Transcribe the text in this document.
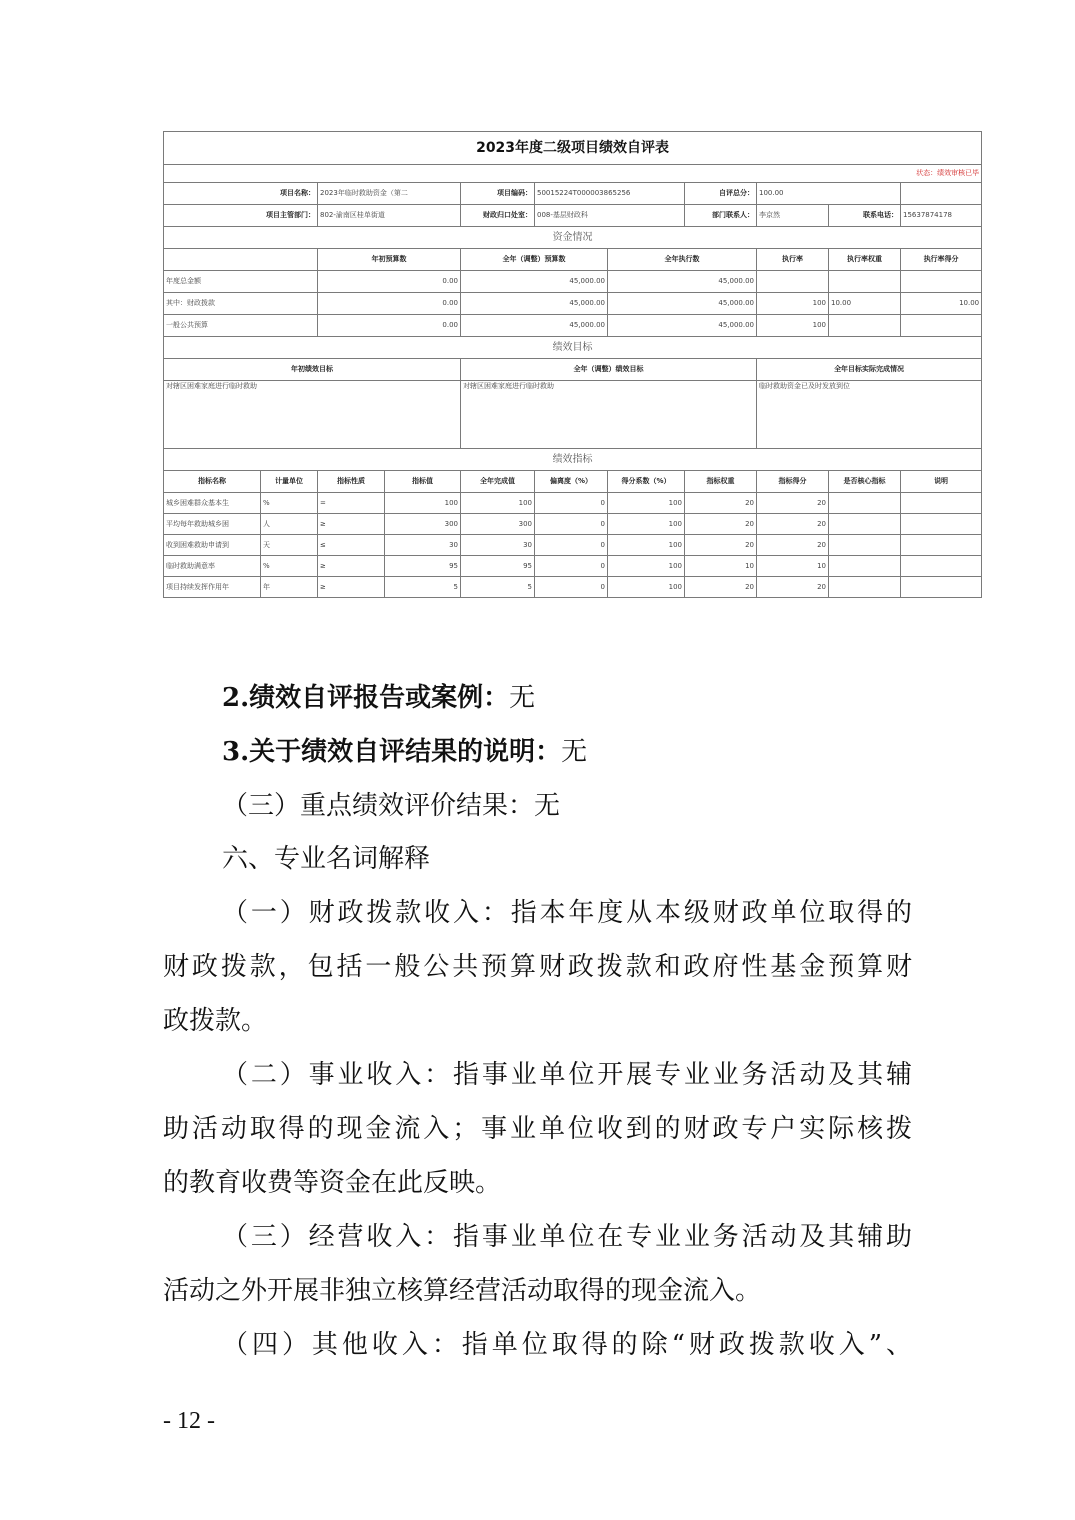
2023年度二级项目绩效自评表										
状态：绩效审核已毕										
项目名称：		2023年临时救助资金（第二		项目编码：	50015224T000003865256		自评总分：	100.00		
项目主管部门：		802-渝南区桂单街道		财政归口处室：	008-基层财政科		部门联系人：	李京然	联系电话：	15637874178
资金情况										
		年初预算数		全年（调整）预算数		全年执行数		执行率	执行率权重	执行率得分
年度总金额		0.00		45,000.00		45,000.00				
其中：财政拨款		0.00		45,000.00		45,000.00		100	10.00	10.00
一般公共预算		0.00		45,000.00		45,000.00		100		
绩效目标										
年初绩效目标				全年（调整）绩效目标				全年目标实际完成情况		
对辖区困难家庭进行临时救助				对辖区困难家庭进行临时救助				临时救助资金已及时发放到位		
绩效指标										
指标名称	计量单位	指标性质	指标值	全年完成值	偏离度（%）	得分系数（%）	指标权重	指标得分	是否核心指标	说明
城乡困难群众基本生	%	=	100	100	0	100	20	20		
平均每年救助城乡困	人	≥	300	300	0	100	20	20		
收到困难救助申请到	天	≤	30	30	0	100	20	20		
临时救助满意率	%	≥	95	95	0	100	10	10		
项目持续发挥作用年	年	≥	5	5	0	100	20	20		
2.绩效自评报告或案例：无
3.关于绩效自评结果的说明：无
（三）重点绩效评价结果：无
六、专业名词解释
（一）财政拨款收入：指本年度从本级财政单位取得的
财政拨款，包括一般公共预算财政拨款和政府性基金预算财
政拨款。
（二）事业收入：指事业单位开展专业业务活动及其辅
助活动取得的现金流入；事业单位收到的财政专户实际核拨
的教育收费等资金在此反映。
（三）经营收入：指事业单位在专业业务活动及其辅助
活动之外开展非独立核算经营活动取得的现金流入。
（四）其他收入：指单位取得的除“财政拨款收入”、
- 12 -
